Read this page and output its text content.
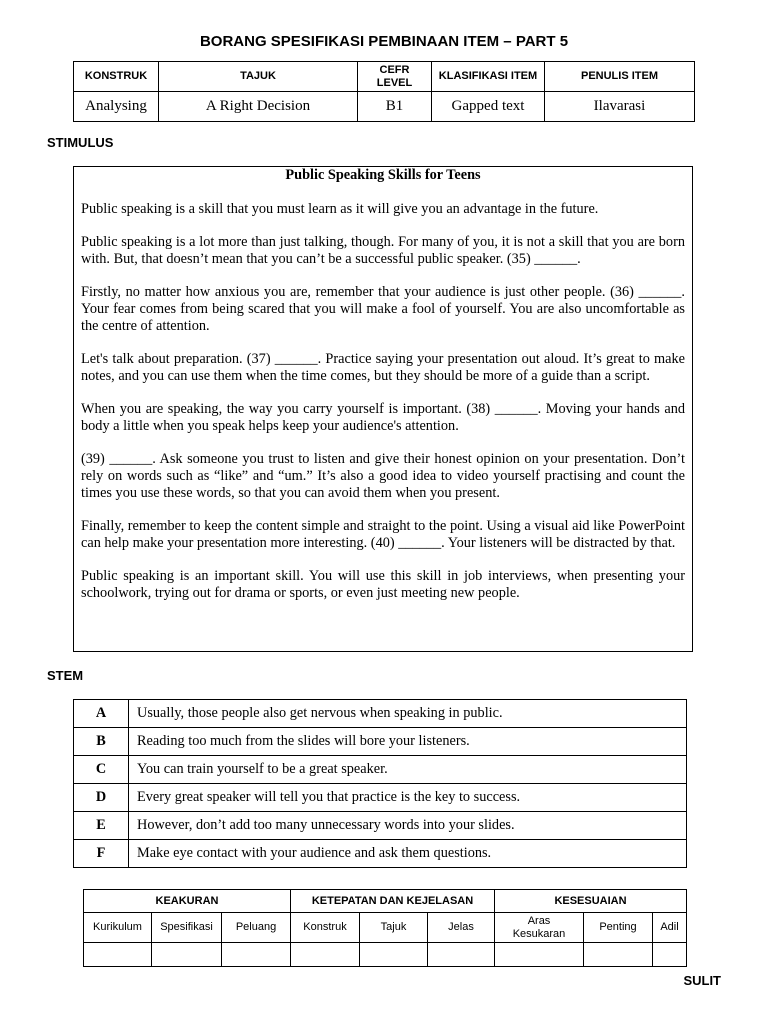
BORANG SPESIFIKASI PEMBINAAN ITEM – PART 5
KONSTRUK	TAJUK	CEFR LEVEL	KLASIFIKASI ITEM	PENULIS ITEM
Analysing	A Right Decision	B1	Gapped text	Ilavarasi
STIMULUS
Public Speaking Skills for Teens

Public speaking is a skill that you must learn as it will give you an advantage in the future.

Public speaking is a lot more than just talking, though. For many of you, it is not a skill that you are born with. But, that doesn’t mean that you can’t be a successful public speaker. (35) ______.

Firstly, no matter how anxious you are, remember that your audience is just other people. (36) ______. Your fear comes from being scared that you will make a fool of yourself. You are also uncomfortable as the centre of attention.

Let's talk about preparation. (37) ______. Practice saying your presentation out aloud. It’s great to make notes, and you can use them when the time comes, but they should be more of a guide than a script.

When you are speaking, the way you carry yourself is important. (38) ______. Moving your hands and body a little when you speak helps keep your audience's attention.

(39) ______. Ask someone you trust to listen and give their honest opinion on your presentation. Don’t rely on words such as “like” and “um.” It’s also a good idea to video yourself practising and count the times you use these words, so that you can avoid them when you present.

Finally, remember to keep the content simple and straight to the point. Using a visual aid like PowerPoint can help make your presentation more interesting. (40) ______. Your listeners will be distracted by that.

Public speaking is an important skill. You will use this skill in job interviews, when presenting your schoolwork, trying out for drama or sports, or even just meeting new people.

STEM
A	Usually, those people also get nervous when speaking in public.
B	Reading too much from the slides will bore your listeners.
C	You can train yourself to be a great speaker.
D	Every great speaker will tell you that practice is the key to success.
E	However, don’t add too many unnecessary words into your slides.
F	Make eye contact with your audience and ask them questions.
KEAKURAN			KETEPATAN DAN KEJELASAN			KESESUAIAN		
Kurikulum	Spesifikasi	Peluang	Konstruk	Tajuk	Jelas	Aras Kesukaran	Penting	Adil

SULIT
